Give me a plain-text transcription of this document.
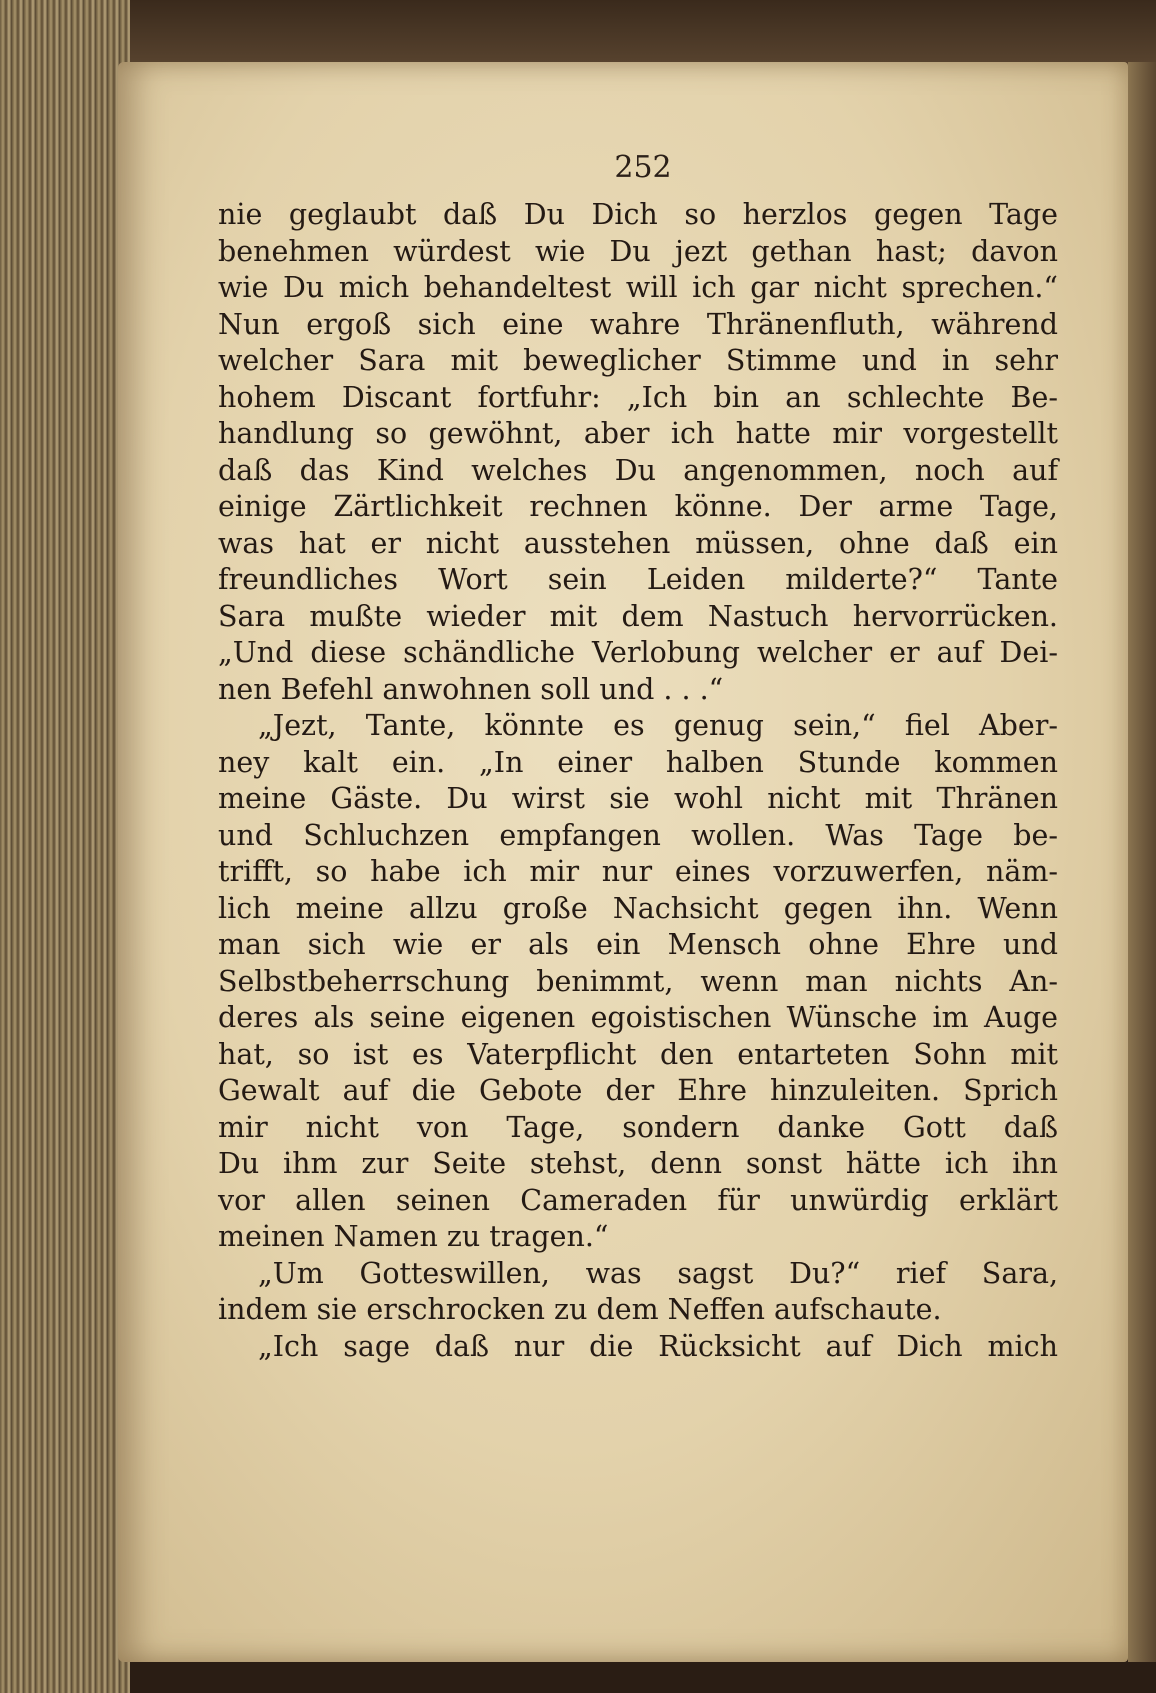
252
nie geglaubt daß Du Dich so herzlos gegen Tage
benehmen würdest wie Du jezt gethan hast; davon
wie Du mich behandeltest will ich gar nicht sprechen.“
Nun ergoß sich eine wahre Thränenfluth, während
welcher Sara mit beweglicher Stimme und in sehr
hohem Discant fortfuhr: „Ich bin an schlechte Be-
handlung so gewöhnt, aber ich hatte mir vorgestellt
daß das Kind welches Du angenommen, noch auf
einige Zärtlichkeit rechnen könne. Der arme Tage,
was hat er nicht ausstehen müssen, ohne daß ein
freundliches Wort sein Leiden milderte?“ Tante
Sara mußte wieder mit dem Nastuch hervorrücken.
„Und diese schändliche Verlobung welcher er auf Dei-
nen Befehl anwohnen soll und . . .“
„Jezt, Tante, könnte es genug sein,“ fiel Aber-
ney kalt ein. „In einer halben Stunde kommen
meine Gäste. Du wirst sie wohl nicht mit Thränen
und Schluchzen empfangen wollen. Was Tage be-
trifft, so habe ich mir nur eines vorzuwerfen, näm-
lich meine allzu große Nachsicht gegen ihn. Wenn
man sich wie er als ein Mensch ohne Ehre und
Selbstbeherrschung benimmt, wenn man nichts An-
deres als seine eigenen egoistischen Wünsche im Auge
hat, so ist es Vaterpflicht den entarteten Sohn mit
Gewalt auf die Gebote der Ehre hinzuleiten. Sprich
mir nicht von Tage, sondern danke Gott daß
Du ihm zur Seite stehst, denn sonst hätte ich ihn
vor allen seinen Cameraden für unwürdig erklärt
meinen Namen zu tragen.“
„Um Gotteswillen, was sagst Du?“ rief Sara,
indem sie erschrocken zu dem Neffen aufschaute.
„Ich sage daß nur die Rücksicht auf Dich mich
